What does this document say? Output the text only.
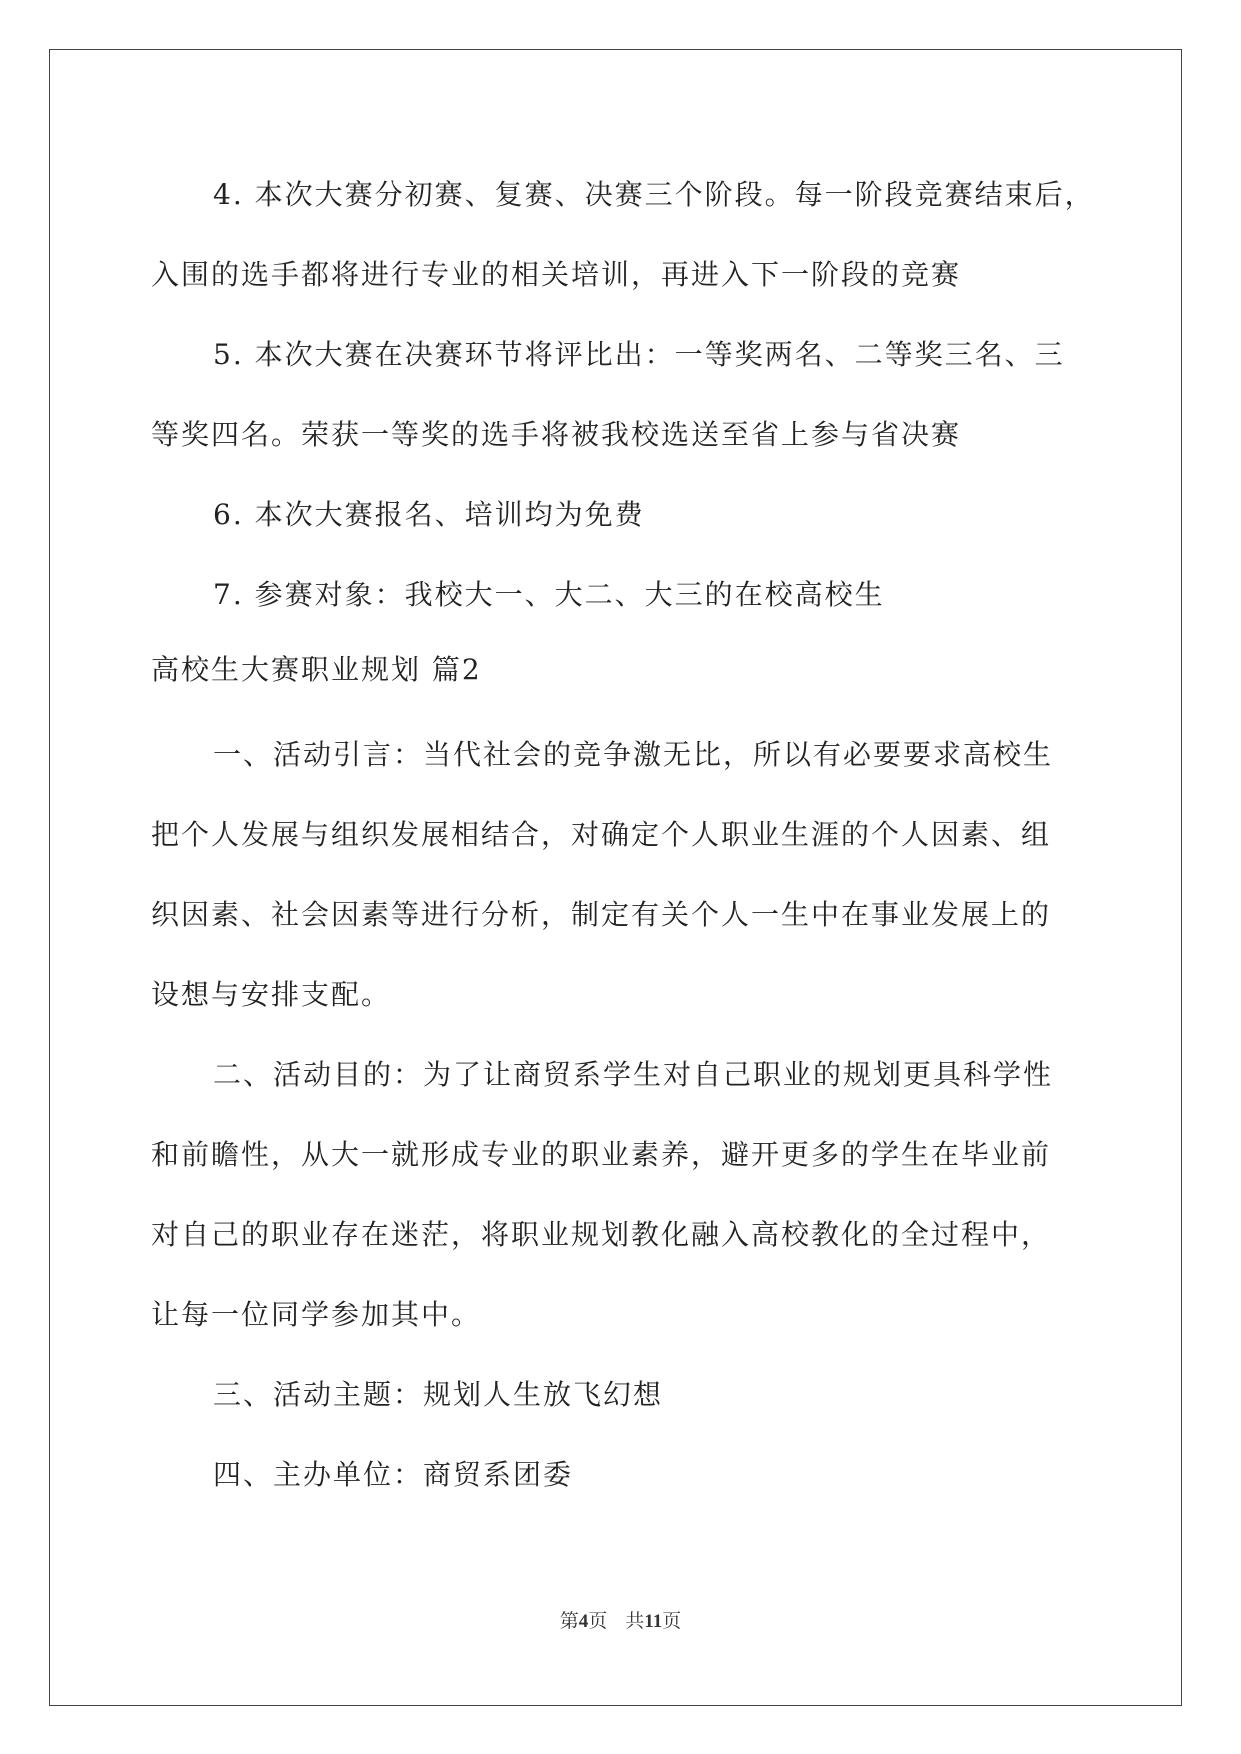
4. 本次大赛分初赛、复赛、决赛三个阶段。每一阶段竞赛结束后，
入围的选手都将进行专业的相关培训，再进入下一阶段的竞赛
5. 本次大赛在决赛环节将评比出：一等奖两名、二等奖三名、三
等奖四名。荣获一等奖的选手将被我校选送至省上参与省决赛
6. 本次大赛报名、培训均为免费
7. 参赛对象：我校大一、大二、大三的在校高校生
高校生大赛职业规划 篇2
一、活动引言：当代社会的竞争激无比，所以有必要要求高校生
把个人发展与组织发展相结合，对确定个人职业生涯的个人因素、组
织因素、社会因素等进行分析，制定有关个人一生中在事业发展上的
设想与安排支配。
二、活动目的：为了让商贸系学生对自己职业的规划更具科学性
和前瞻性，从大一就形成专业的职业素养，避开更多的学生在毕业前
对自己的职业存在迷茫，将职业规划教化融入高校教化的全过程中，
让每一位同学参加其中。
三、活动主题：规划人生放飞幻想
四、主办单位：商贸系团委
第4页 共11页
